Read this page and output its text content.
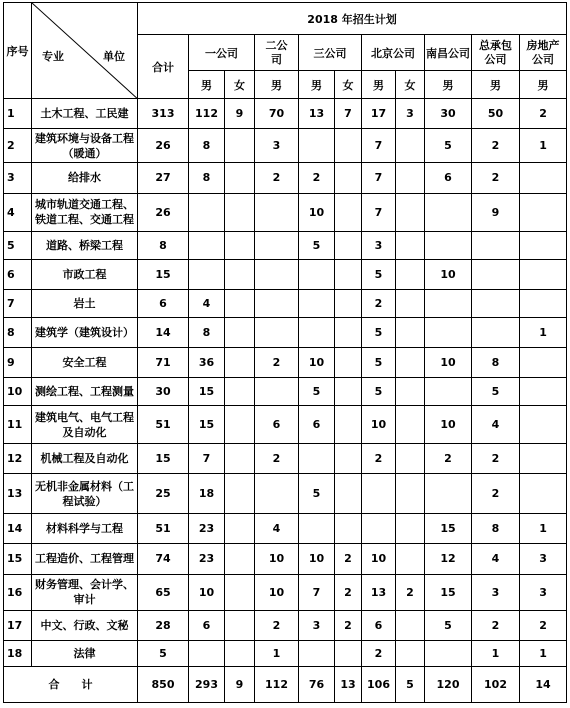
序号	专业 单位	2018 年招生计划										
		合计	一公司		二公司	三公司		北京公司		南昌公司	总承包公司	房地产公司
			男	女	男	男	女	男	女	男	男	男
1	土木工程、工民建	313	112	9	70	13	7	17	3	30	50	2
2	建筑环境与设备工程（暖通）	26	8		3			7		5	2	1
3	给排水	27	8		2	2		7		6	2	
4	城市轨道交通工程、铁道工程、交通工程	26				10		7			9	
5	道路、桥梁工程	8				5		3				
6	市政工程	15						5		10		
7	岩土	6	4					2				
8	建筑学（建筑设计）	14	8					5				1
9	安全工程	71	36		2	10		5		10	8	
10	测绘工程、工程测量	30	15			5		5			5	
11	建筑电气、电气工程及自动化	51	15		6	6		10		10	4	
12	机械工程及自动化	15	7		2			2		2	2	
13	无机非金属材料（工程试验）	25	18			5					2	
14	材料科学与工程	51	23		4					15	8	1
15	工程造价、工程管理	74	23		10	10	2	10		12	4	3
16	财务管理、会计学、审计	65	10		10	7	2	13	2	15	3	3
17	中文、行政、文秘	28	6		2	3	2	6		5	2	2
18	法律	5			1			2			1	1
合　　计		850	293	9	112	76	13	106	5	120	102	14
